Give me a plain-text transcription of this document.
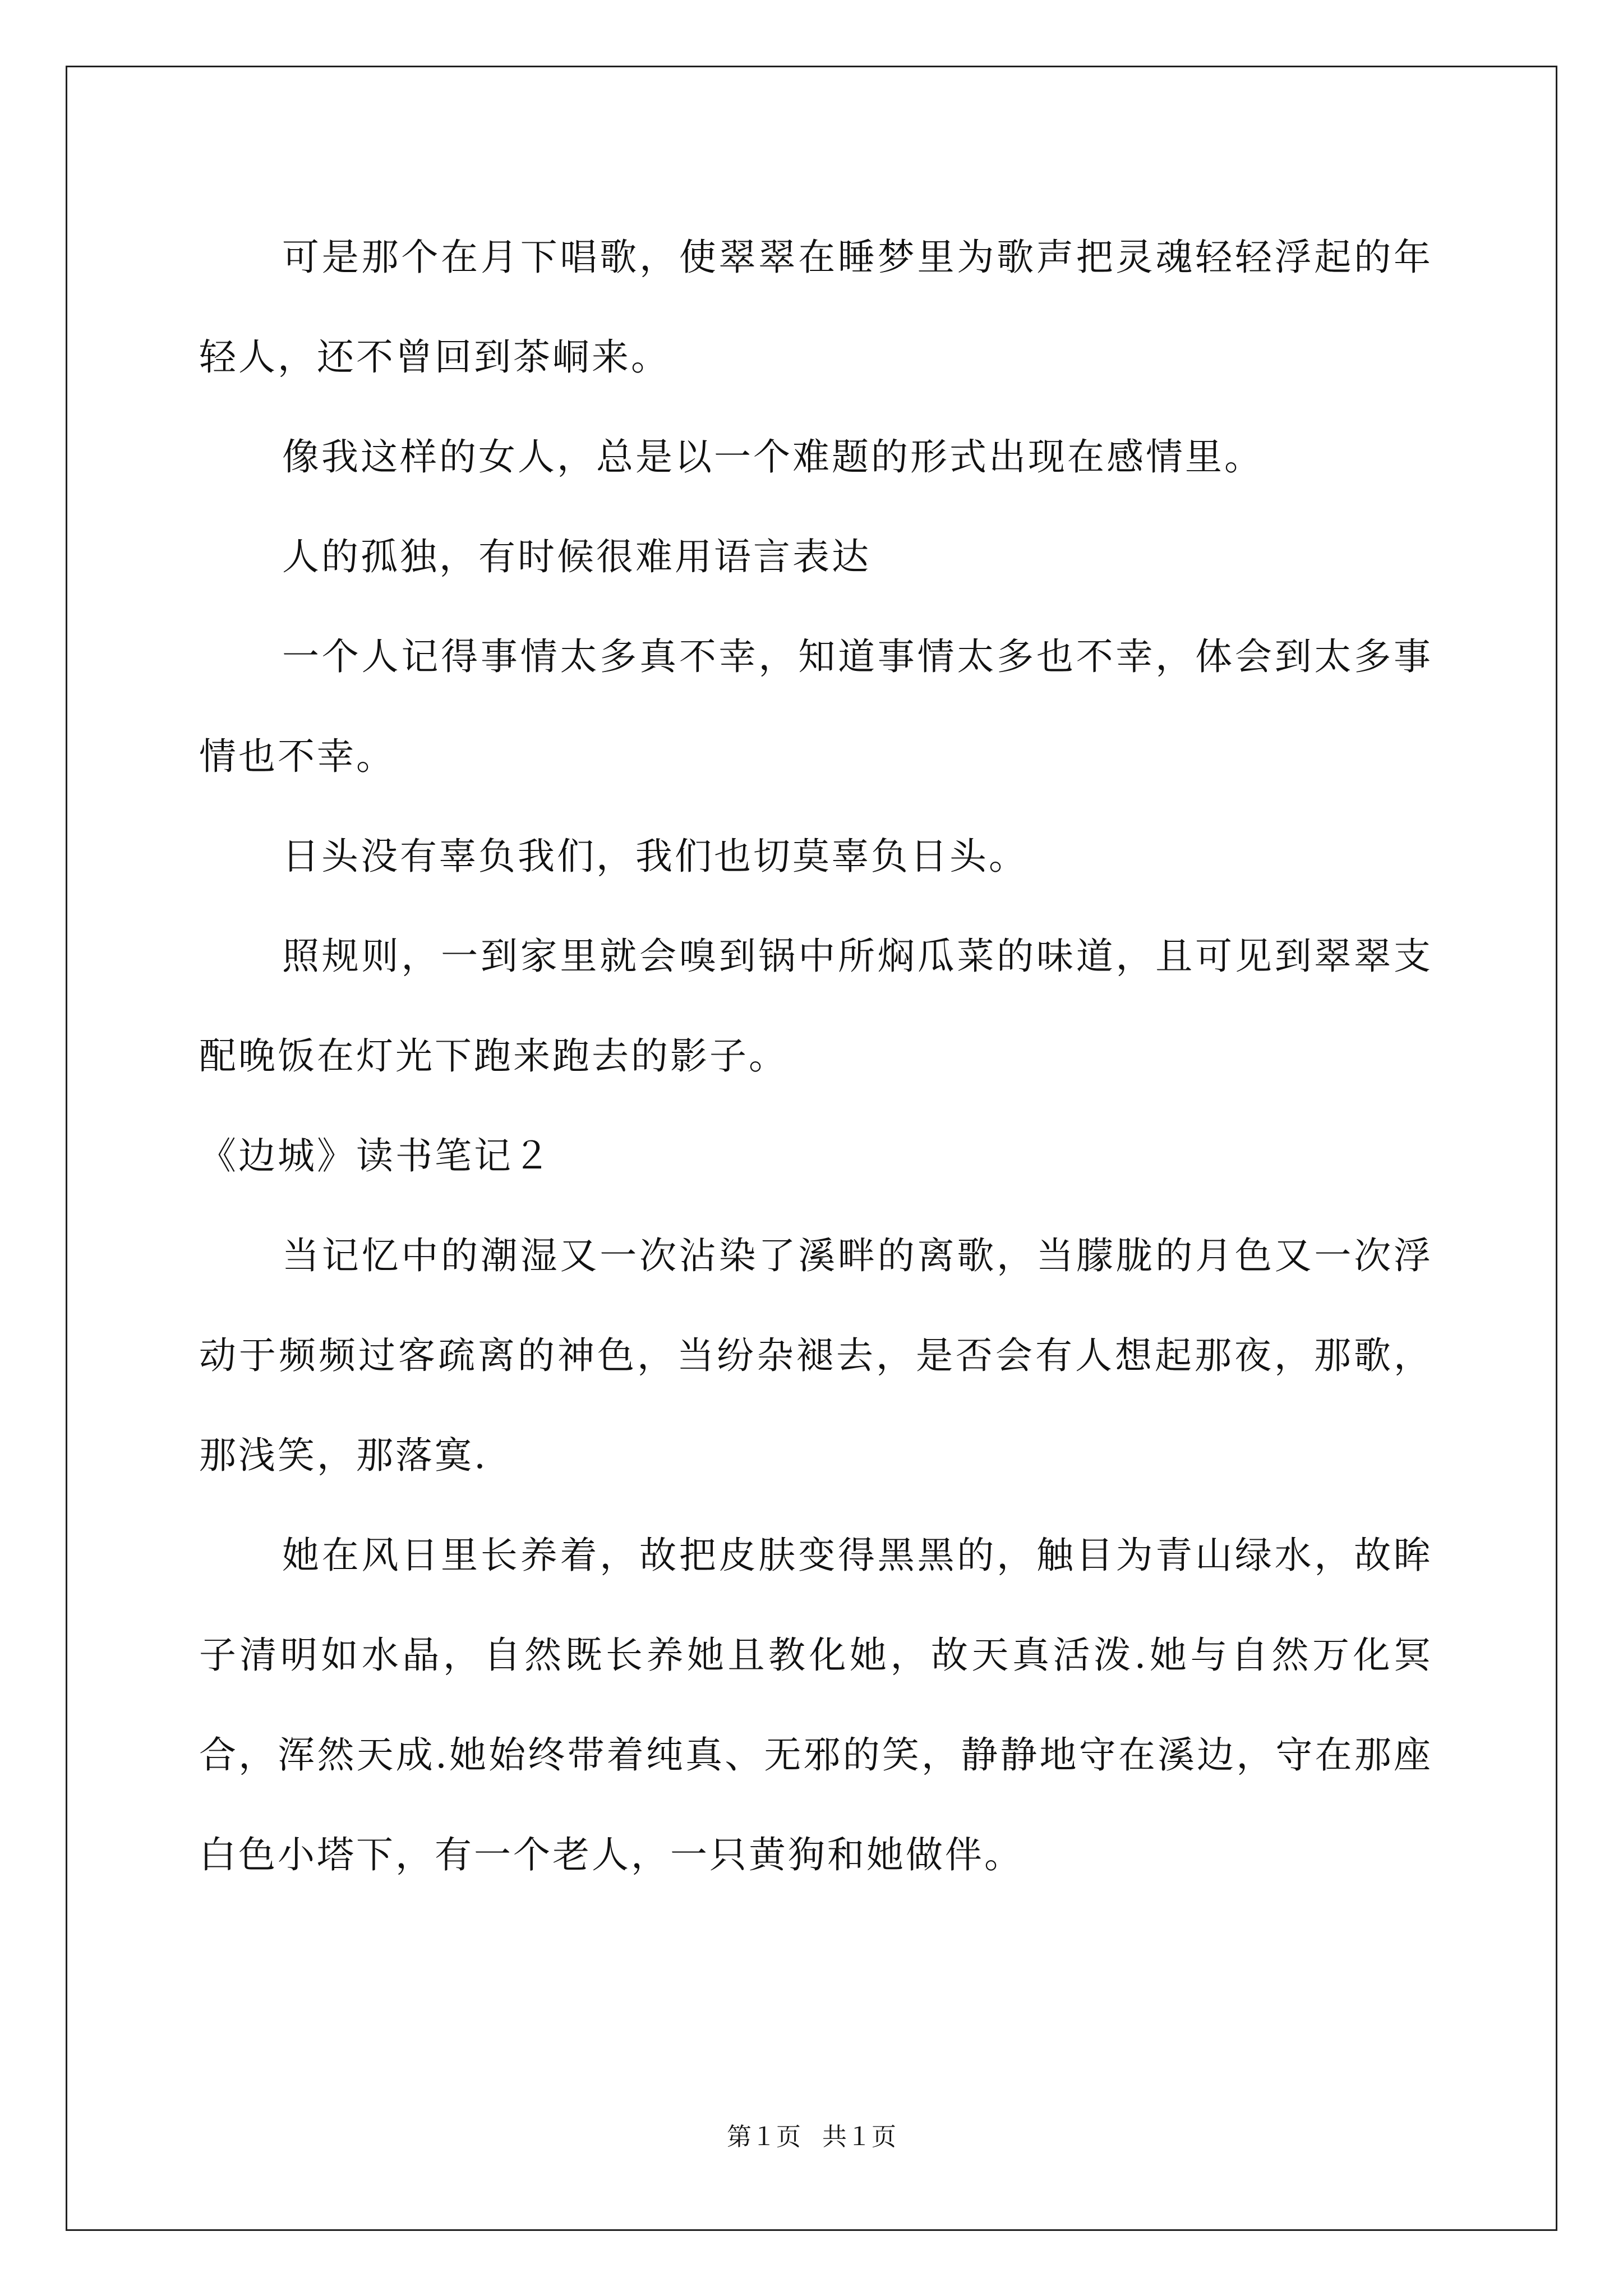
可是那个在月下唱歌，使翠翠在睡梦里为歌声把灵魂轻轻浮起的年轻人，还不曾回到茶峒来。

像我这样的女人，总是以一个难题的形式出现在感情里。

人的孤独，有时候很难用语言表达

一个人记得事情太多真不幸，知道事情太多也不幸，体会到太多事情也不幸。

日头没有辜负我们，我们也切莫辜负日头。

照规则，一到家里就会嗅到锅中所焖瓜菜的味道，且可见到翠翠支配晚饭在灯光下跑来跑去的影子。

《边城》读书笔记２

当记忆中的潮湿又一次沾染了溪畔的离歌，当朦胧的月色又一次浮动于频频过客疏离的神色，当纷杂褪去，是否会有人想起那夜，那歌，那浅笑，那落寞.

她在风日里长养着，故把皮肤变得黑黑的，触目为青山绿水，故眸子清明如水晶，自然既长养她且教化她，故天真活泼.她与自然万化冥合，浑然天成.她始终带着纯真、无邪的笑，静静地守在溪边，守在那座白色小塔下，有一个老人，一只黄狗和她做伴。

第１页 共１页
